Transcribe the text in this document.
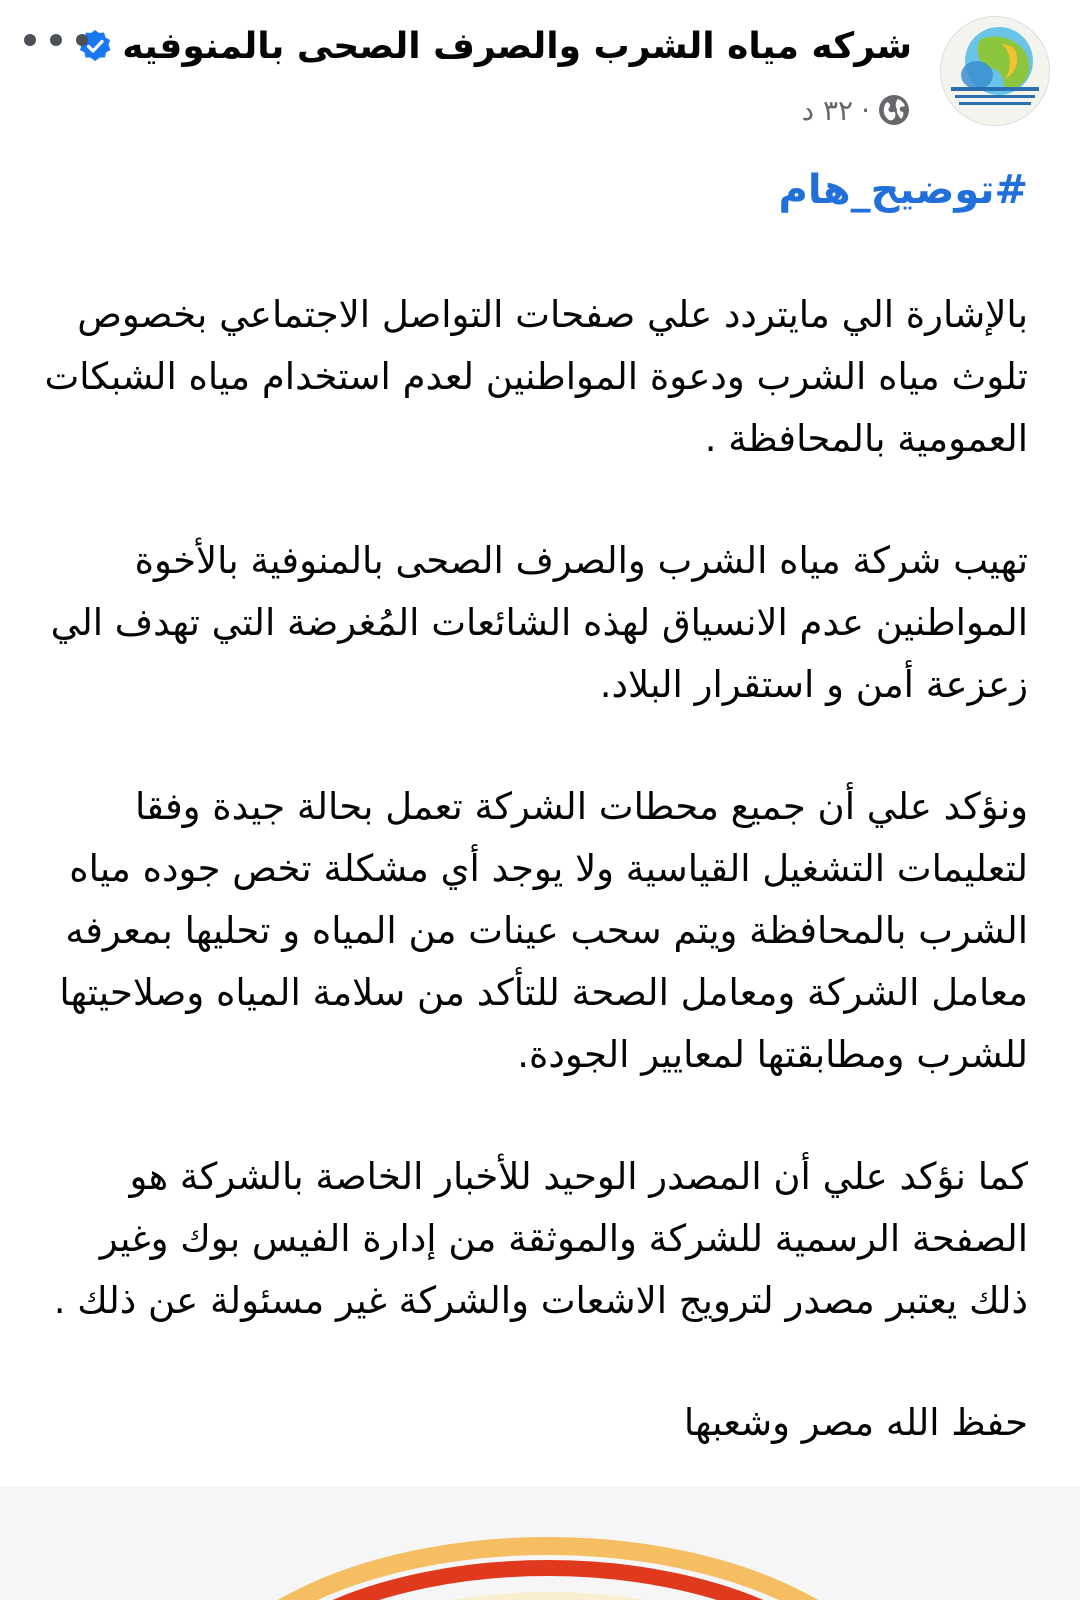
شركه مياه الشرب والصرف الصحى بالمنوفيه
٣٢ د ·
#توضيح_هام

بالإشارة الي مايتردد علي صفحات التواصل الاجتماعي بخصوص تلوث مياه الشرب ودعوة المواطنين لعدم استخدام مياه الشبكات العمومية بالمحافظة .

تهيب شركة مياه الشرب والصرف الصحى بالمنوفية بالأخوة المواطنين عدم الانسياق لهذه الشائعات المُغرضة التي تهدف الي زعزعة أمن و استقرار البلاد.

ونؤكد علي أن جميع محطات الشركة تعمل بحالة جيدة وفقا لتعليمات التشغيل القياسية ولا يوجد أي مشكلة تخص جوده مياه الشرب بالمحافظة ويتم سحب عينات من المياه و تحليها بمعرفه معامل الشركة ومعامل الصحة للتأكد من سلامة المياه وصلاحيتها للشرب ومطابقتها لمعايير الجودة.

كما نؤكد علي أن المصدر الوحيد للأخبار الخاصة بالشركة هو الصفحة الرسمية للشركة والموثقة من إدارة الفيس بوك وغير ذلك يعتبر مصدر لترويج الاشعات والشركة غير مسئولة عن ذلك .

حفظ الله مصر وشعبها
